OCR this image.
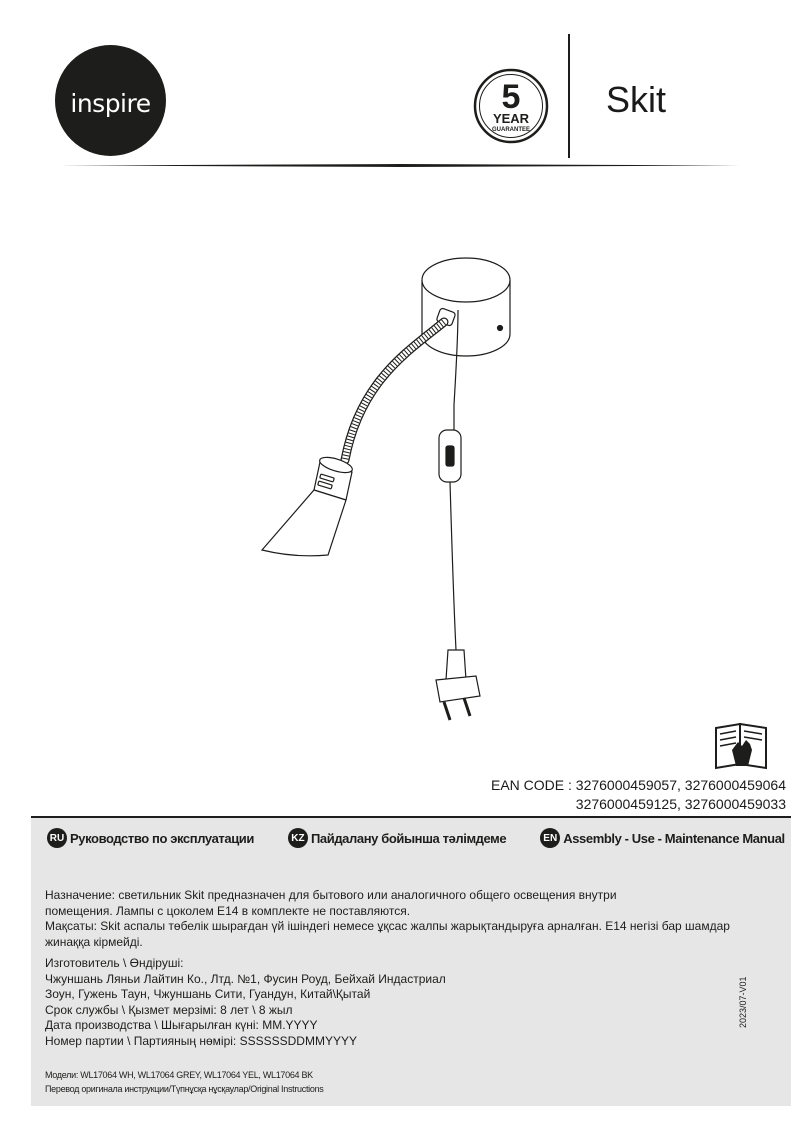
inspire	5
YEAR
GUARANTEE
Skit
EAN CODE : 3276000459057, 3276000459064
3276000459125, 3276000459033
RU Руководство по эксплуатации	KZ Пайдалану бойынша тәлімдеме	EN Assembly - Use - Maintenance Manual

Назначение: светильник Skit предназначен для бытового или аналогичного общего освещения внутри

помещения. Лампы с цоколем E14 в комплекте не поставляются.

Мақсаты: Skit аспалы төбелік шырағдан үй ішіндегі немесе ұқсас жалпы жарықтандыруға арналған. E14 негізі бар шамдар

жинаққа кірмейді.

Изготовитель \ Өндіруші:

Чжуншань Ляньи Лайтин Ко., Лтд. №1, Фусин Роуд, Бейхай Индастриал

Зоун, Гужень Таун, Чжуншань Сити, Гуандун, Китай\Қытай

Срок службы \ Қызмет мерзімі: 8 лет \ 8 жыл

Дата производства \ Шығарылған күні: MM.YYYY

Номер партии \ Партияның нөмірі: SSSSSSDDMMYYYY

2023/07-V01
Модели: WL17064 WH, WL17064 GREY, WL17064 YEL, WL17064 BK
Перевод оригинала инструкции/Түпнұсқа нұсқаулар/Original Instructions
